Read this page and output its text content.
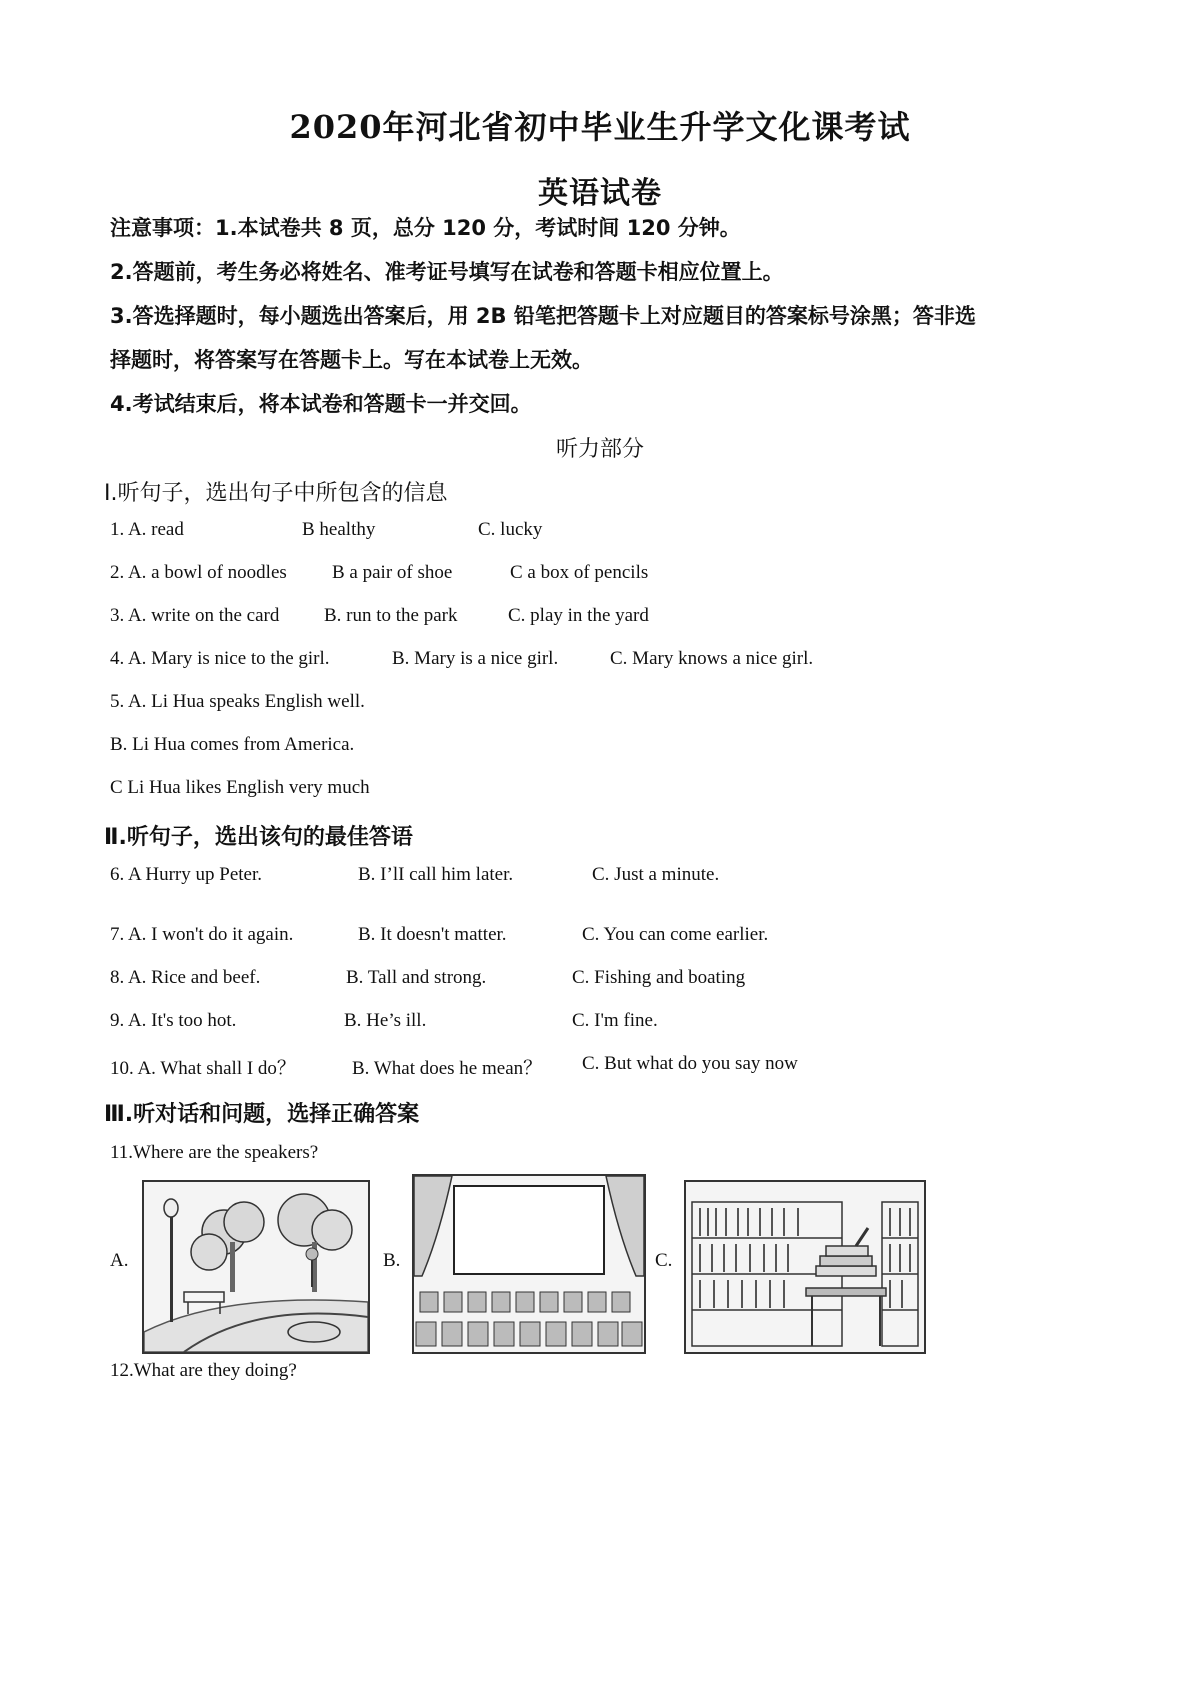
2020年河北省初中毕业生升学文化课考试
英语试卷
注意事项：1.本试卷共 8 页，总分 120 分，考试时间 120 分钟。
2.答题前，考生务必将姓名、准考证号填写在试卷和答题卡相应位置上。
3.答选择题时，每小题选出答案后，用 2B 铅笔把答题卡上对应题目的答案标号涂黑；答非选
择题时，将答案写在答题卡上。写在本试卷上无效。
4.考试结束后，将本试卷和答题卡一并交回。
听力部分
Ⅰ.听句子，选出句子中所包含的信息
1. A. read	B healthy	C. lucky
2. A. a bowl of noodles B a pair of shoe	C a box of pencils
3. A. write on the card B. run to the park	C. play in the yard
4. A. Mary is nice to the girl.	B. Mary is a nice girl.	C. Mary knows a nice girl.
5. A. Li Hua speaks English well.
B. Li Hua comes from America.
C Li Hua likes English very much
Ⅱ.听句子，选出该句的最佳答语
6. A Hurry up Peter.	B. I’lI call him later.	C. Just a minute.
7. A. I won't do it again.	B. It doesn't matter.	C. You can come earlier.
8. A. Rice and beef.	B. Tall and strong.	C. Fishing and boating
9. A. It's too hot.	B. He’s ill.	C. I'm fine.
10. A. What shall I do？	B. What does he mean？ C. But what do you say now
Ⅲ.听对话和问题，选择正确答案
11.Where are the speakers?
A.	B.	C.
12.What are they doing?
